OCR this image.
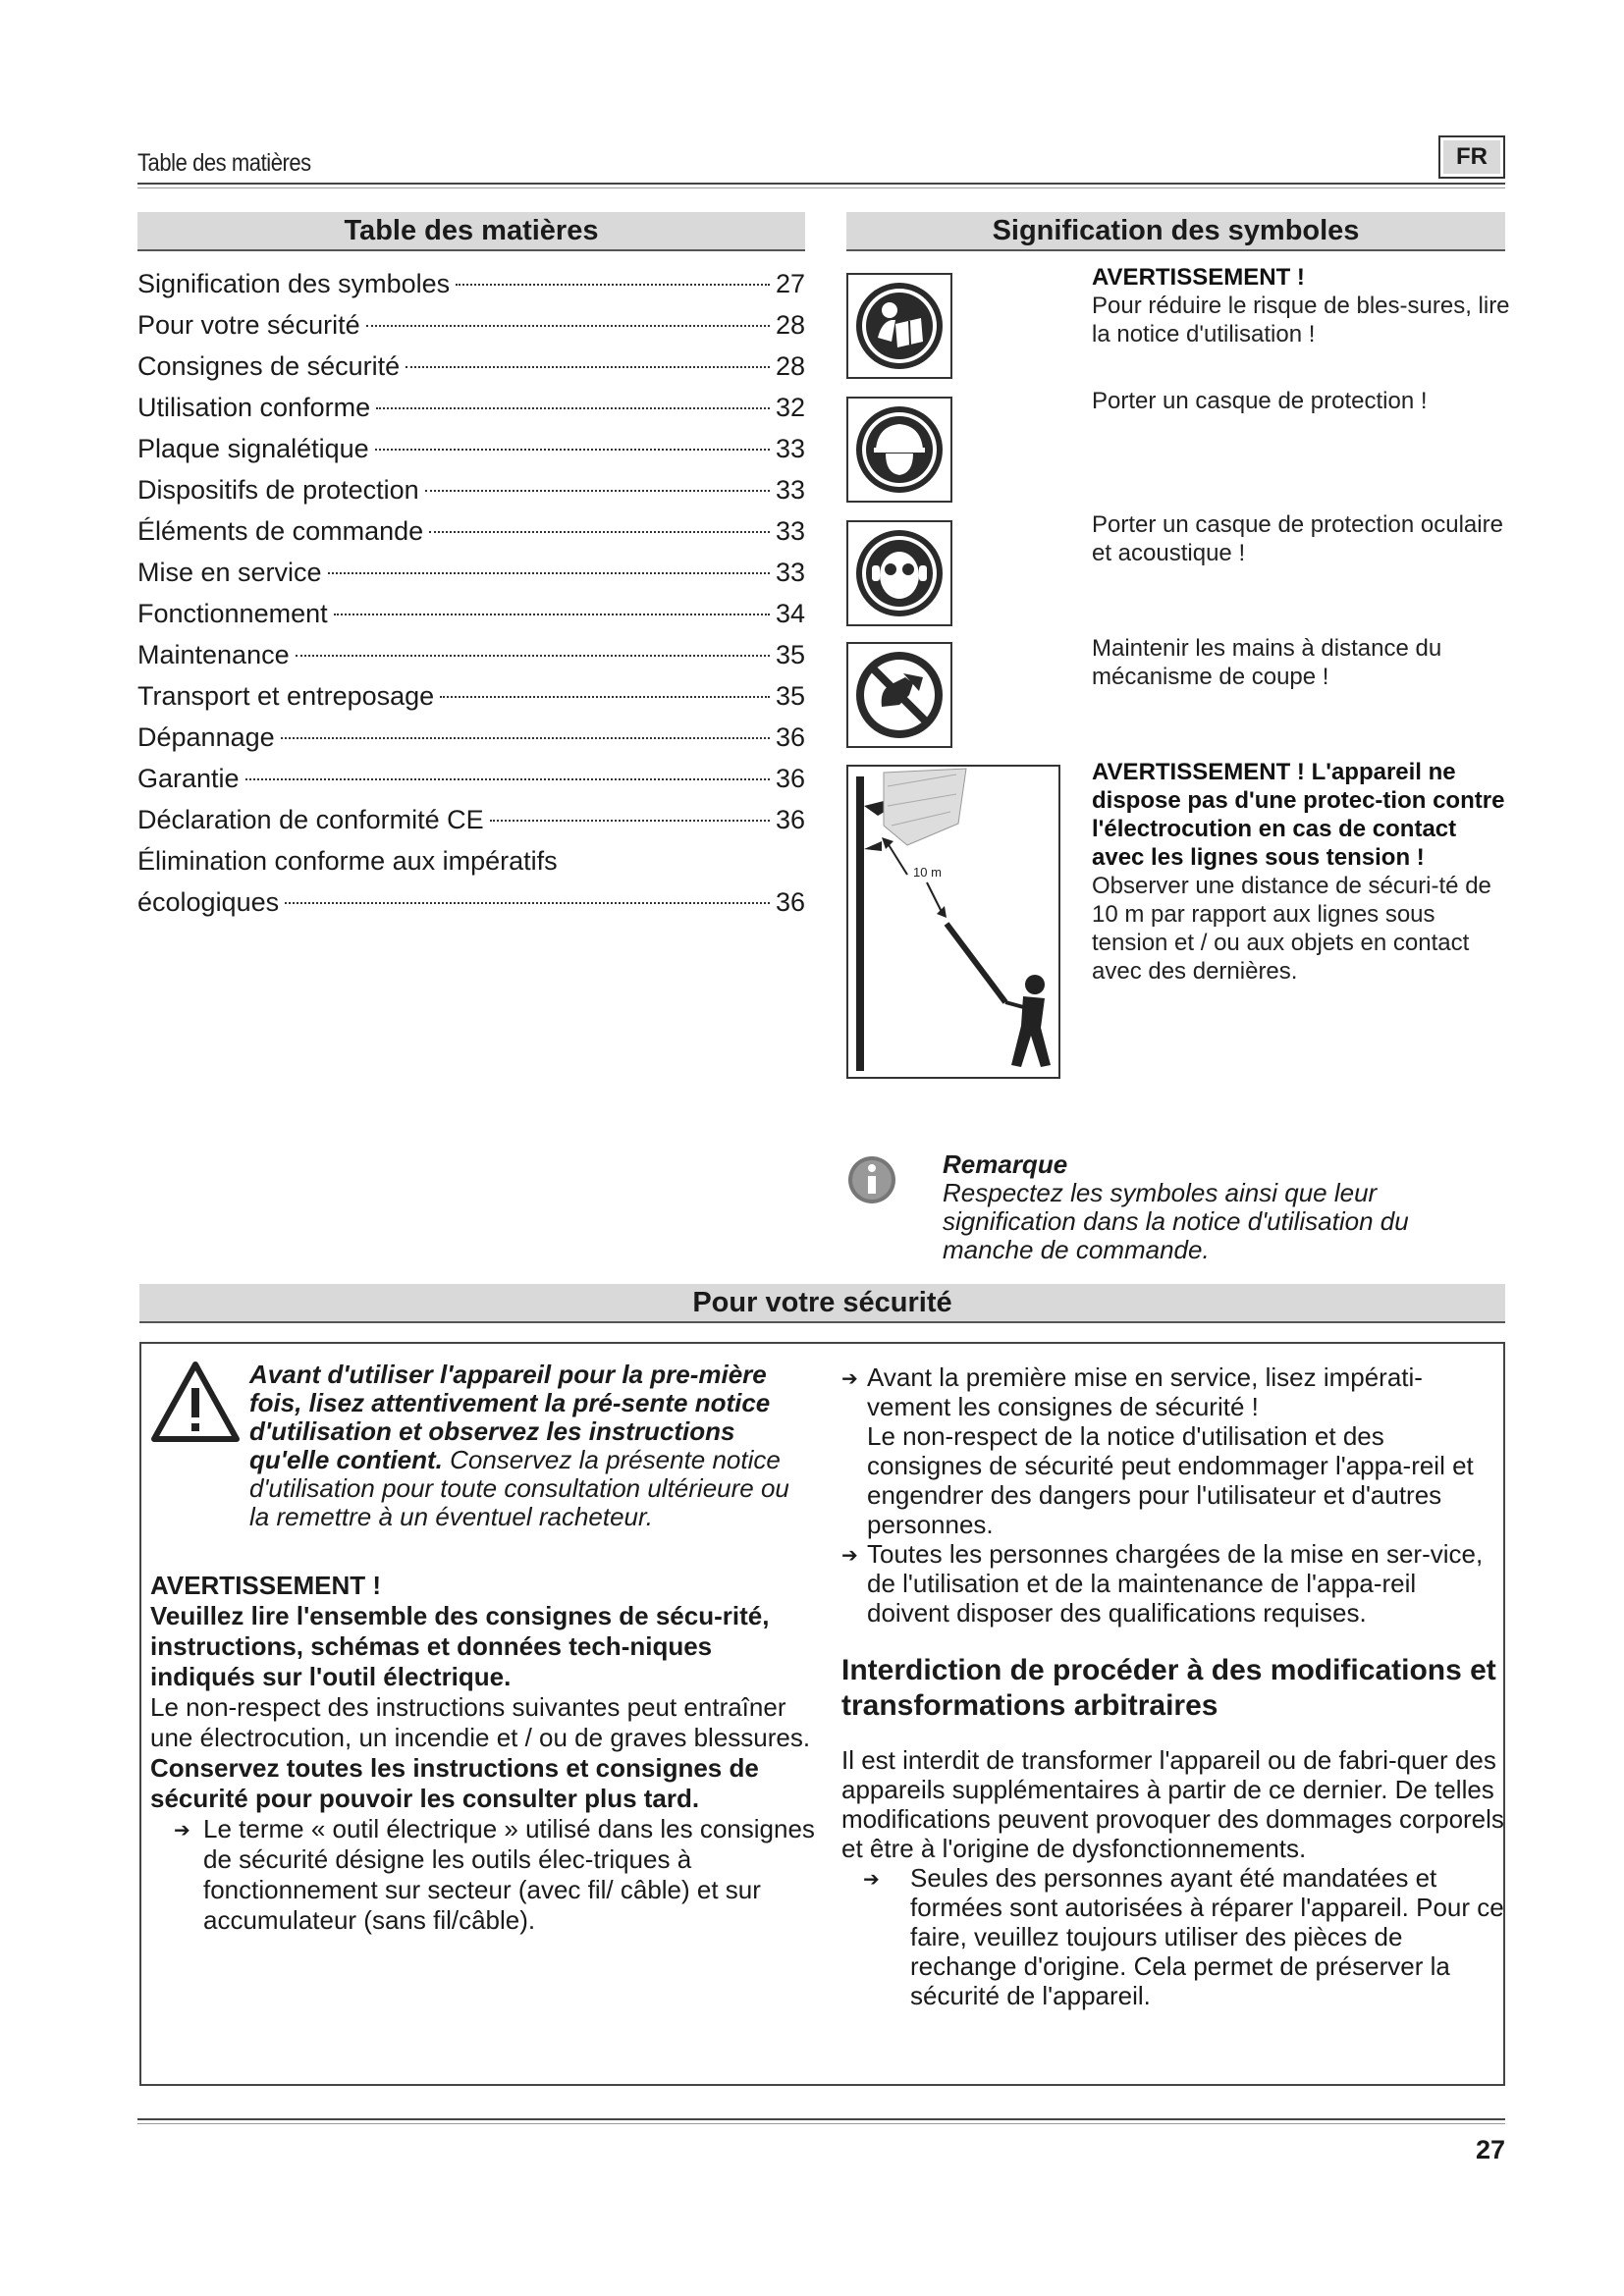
Table des matières	FR
Table des matières
Signification des symboles	27
Pour votre sécurité	28
Consignes de sécurité	28
Utilisation conforme	32
Plaque signalétique	33
Dispositifs de protection	33
Éléments de commande	33
Mise en service	33
Fonctionnement	34
Maintenance	35
Transport et entreposage	35
Dépannage	36
Garantie	36
Déclaration de conformité CE	36
Élimination conforme aux impératifs
écologiques	36
Signification des symboles
AVERTISSEMENT !
Pour réduire le risque de bles-sures, lire la notice d'utilisation !
Porter un casque de protection !
Porter un casque de protection oculaire et acoustique !
Maintenir les mains à distance du mécanisme de coupe !
10 m
AVERTISSEMENT ! L'appareil ne dispose pas d'une protec-tion contre l'électrocution en cas de contact avec les lignes sous tension !
Observer une distance de sécuri-té de 10 m par rapport aux lignes sous tension et / ou aux objets en contact avec des dernières.
Remarque
Respectez les symboles ainsi que leur signification dans la notice d'utilisation du manche de commande.
Pour votre sécurité
Avant d'utiliser l'appareil pour la pre-mière fois, lisez attentivement la pré-sente notice d'utilisation et observez les instructions qu'elle contient. Conservez la présente notice d'utilisation pour toute consultation ultérieure ou la remettre à un éventuel racheteur.
AVERTISSEMENT !
Veuillez lire l'ensemble des consignes de sécu-rité, instructions, schémas et données tech-niques indiqués sur l'outil électrique.
Le non-respect des instructions suivantes peut entraîner une électrocution, un incendie et / ou de graves blessures.
Conservez toutes les instructions et consignes de sécurité pour pouvoir les consulter plus tard.
➔ Le terme « outil électrique » utilisé dans les consignes de sécurité désigne les outils élec-triques à fonctionnement sur secteur (avec fil/ câble) et sur accumulateur (sans fil/câble).
➔ Avant la première mise en service, lisez impérati-vement les consignes de sécurité !
Le non-respect de la notice d'utilisation et des consignes de sécurité peut endommager l'appa-reil et engendrer des dangers pour l'utilisateur et d'autres personnes.
➔ Toutes les personnes chargées de la mise en ser-vice, de l'utilisation et de la maintenance de l'appa-reil doivent disposer des qualifications requises.
Interdiction de procéder à des modifications et transformations arbitraires
Il est interdit de transformer l'appareil ou de fabri-quer des appareils supplémentaires à partir de ce dernier. De telles modifications peuvent provoquer des dommages corporels et être à l'origine de dysfonctionnements.
➔	Seules des personnes ayant été mandatées et formées sont autorisées à réparer l'appareil. Pour ce faire, veuillez toujours utiliser des pièces de rechange d'origine. Cela permet de préserver la sécurité de l'appareil.
27
